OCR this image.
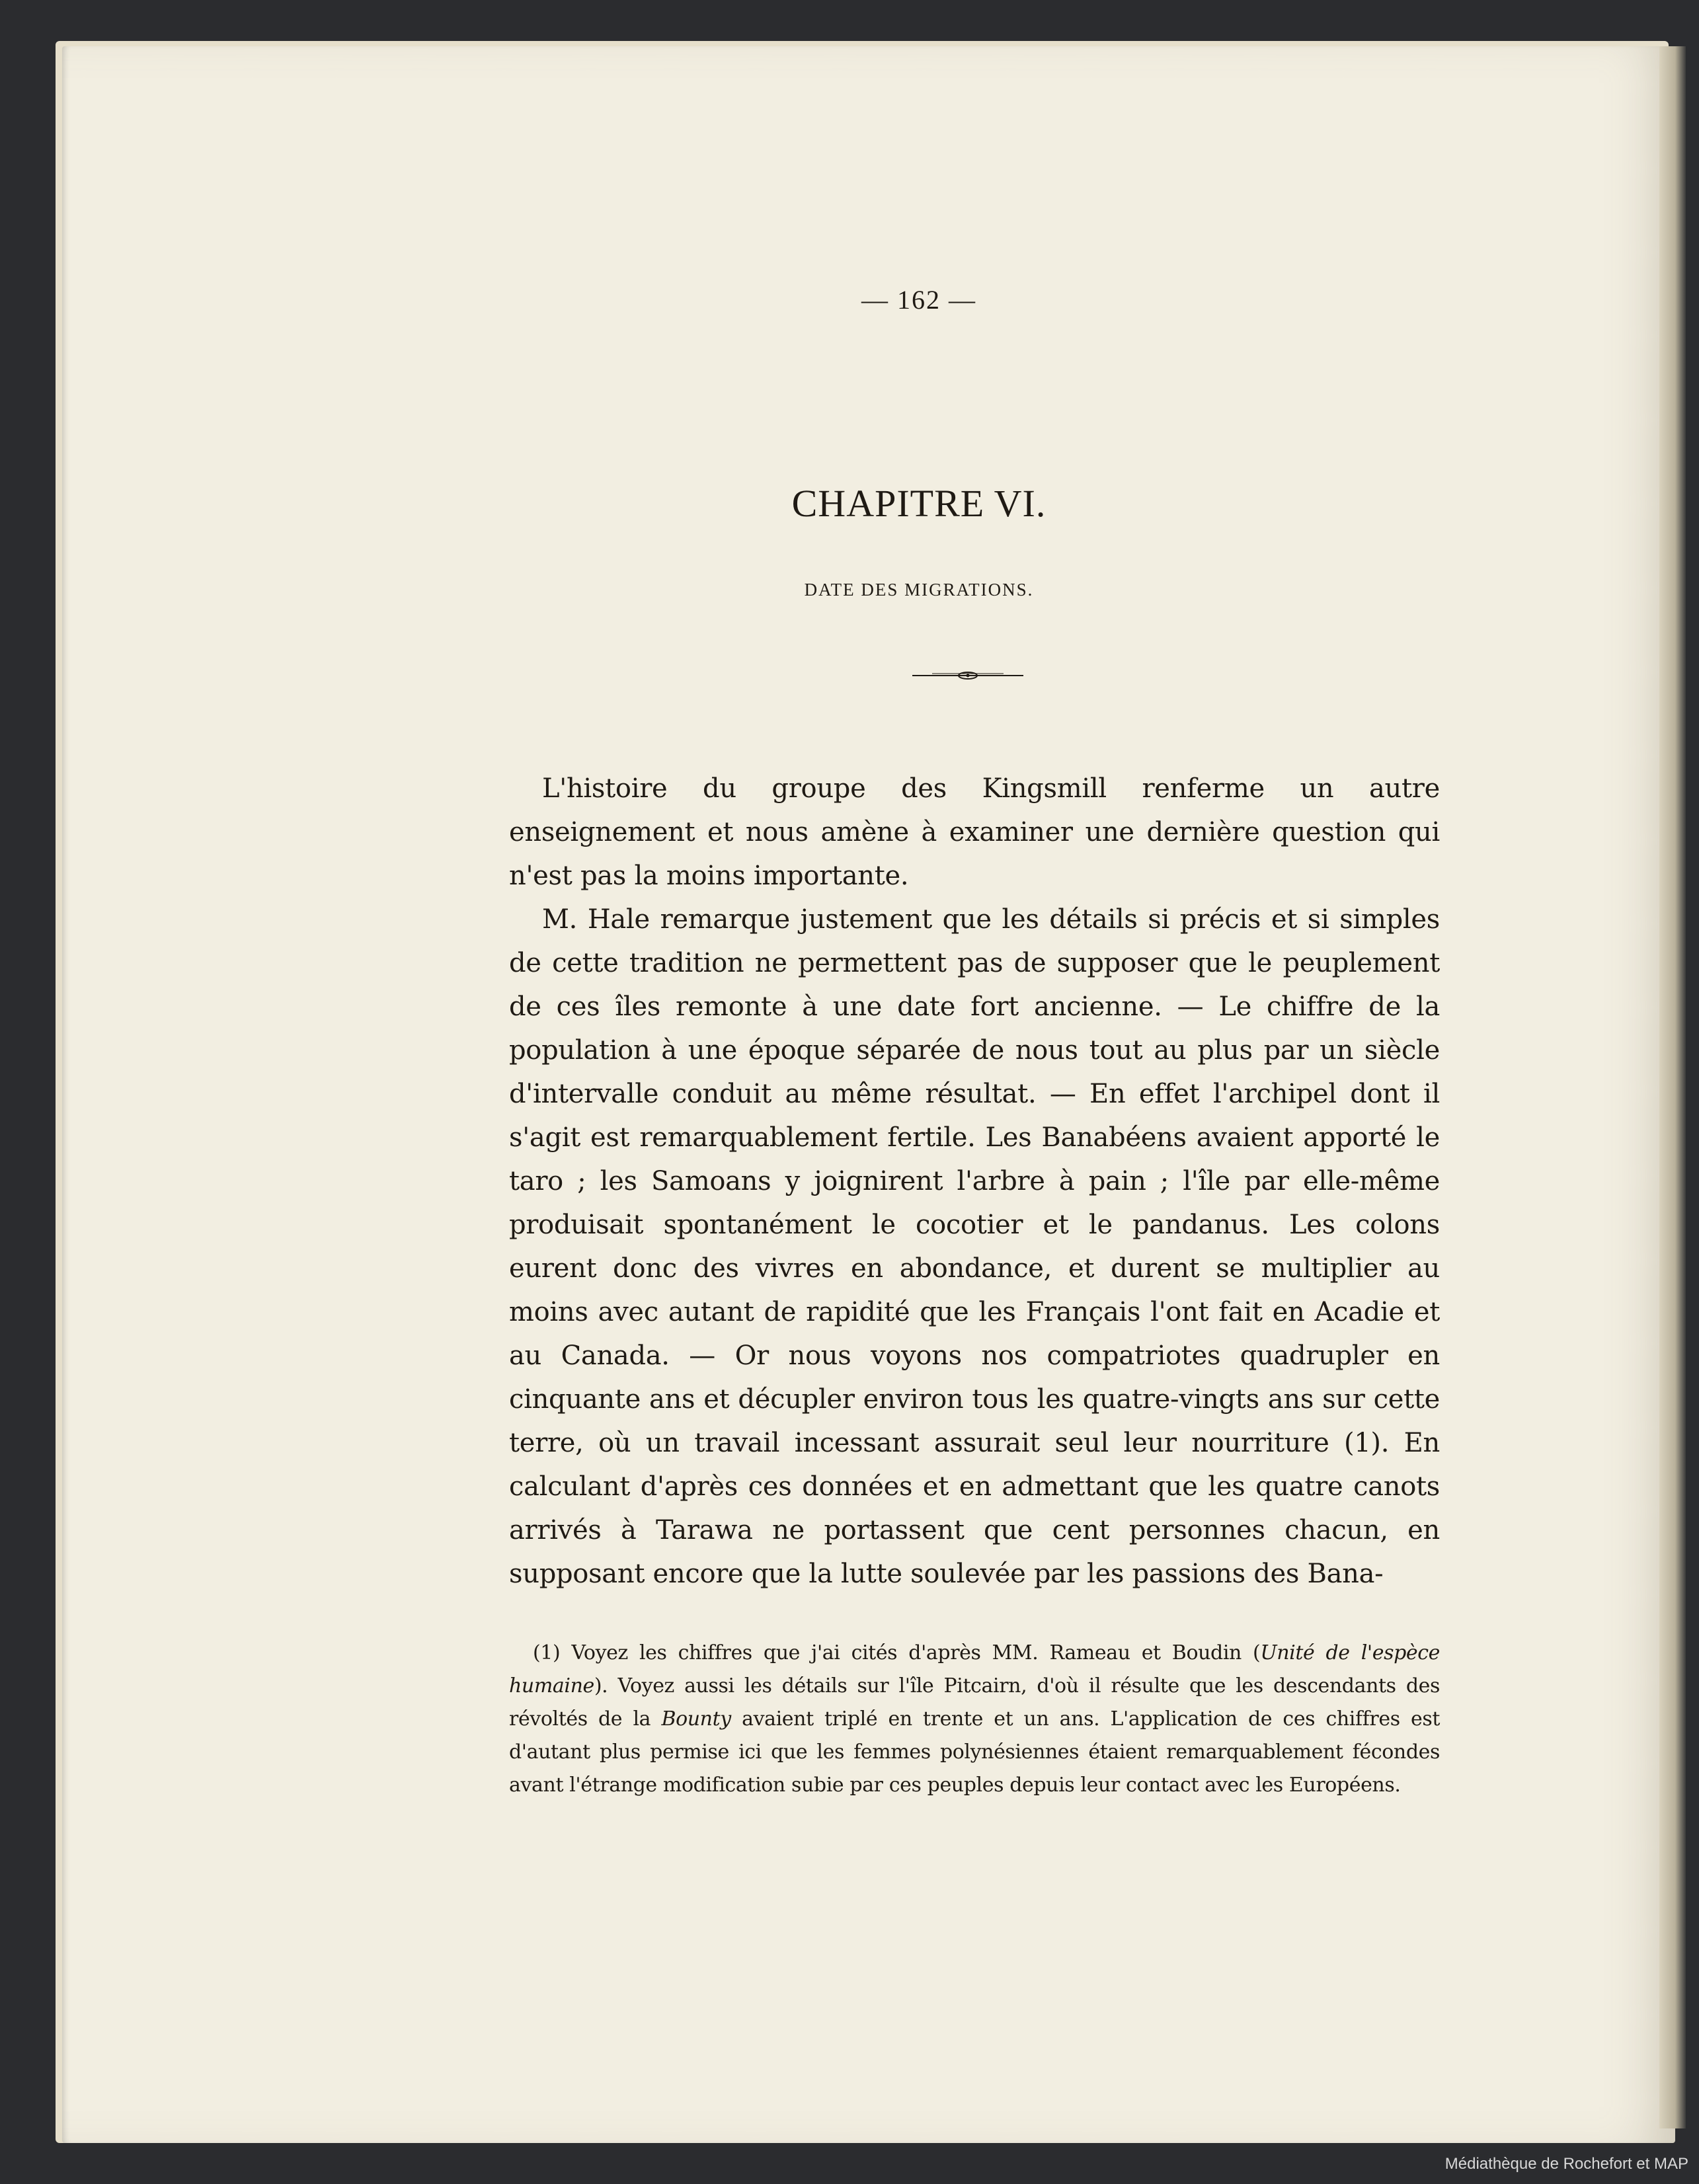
— 162 —
CHAPITRE VI.
DATE DES MIGRATIONS.

L'histoire du groupe des Kingsmill renferme un autre enseignement et nous amène à examiner une dernière question qui n'est pas la moins importante.

M. Hale remarque justement que les détails si précis et si simples de cette tradition ne permettent pas de supposer que le peuplement de ces îles remonte à une date fort ancienne. — Le chiffre de la population à une époque séparée de nous tout au plus par un siècle d'intervalle conduit au même résultat. — En effet l'archipel dont il s'agit est remarquablement fertile. Les Banabéens avaient apporté le taro ; les Samoans y joignirent l'arbre à pain ; l'île par elle-même produisait spontanément le cocotier et le pandanus. Les colons eurent donc des vivres en abondance, et durent se multiplier au moins avec autant de rapidité que les Français l'ont fait en Acadie et au Canada. — Or nous voyons nos compatriotes quadrupler en cinquante ans et décupler environ tous les quatre-vingts ans sur cette terre, où un travail incessant assurait seul leur nourriture (1). En calculant d'après ces données et en admettant que les quatre canots arrivés à Tarawa ne portassent que cent personnes chacun, en supposant encore que la lutte soulevée par les passions des Bana-

(1) Voyez les chiffres que j'ai cités d'après MM. Rameau et Boudin (Unité de l'espèce humaine). Voyez aussi les détails sur l'île Pitcairn, d'où il résulte que les descendants des révoltés de la Bounty avaient triplé en trente et un ans. L'application de ces chiffres est d'autant plus permise ici que les femmes polynésiennes étaient remarquablement fécondes avant l'étrange modification subie par ces peuples depuis leur contact avec les Européens.

Médiathèque de Rochefort et MAP
